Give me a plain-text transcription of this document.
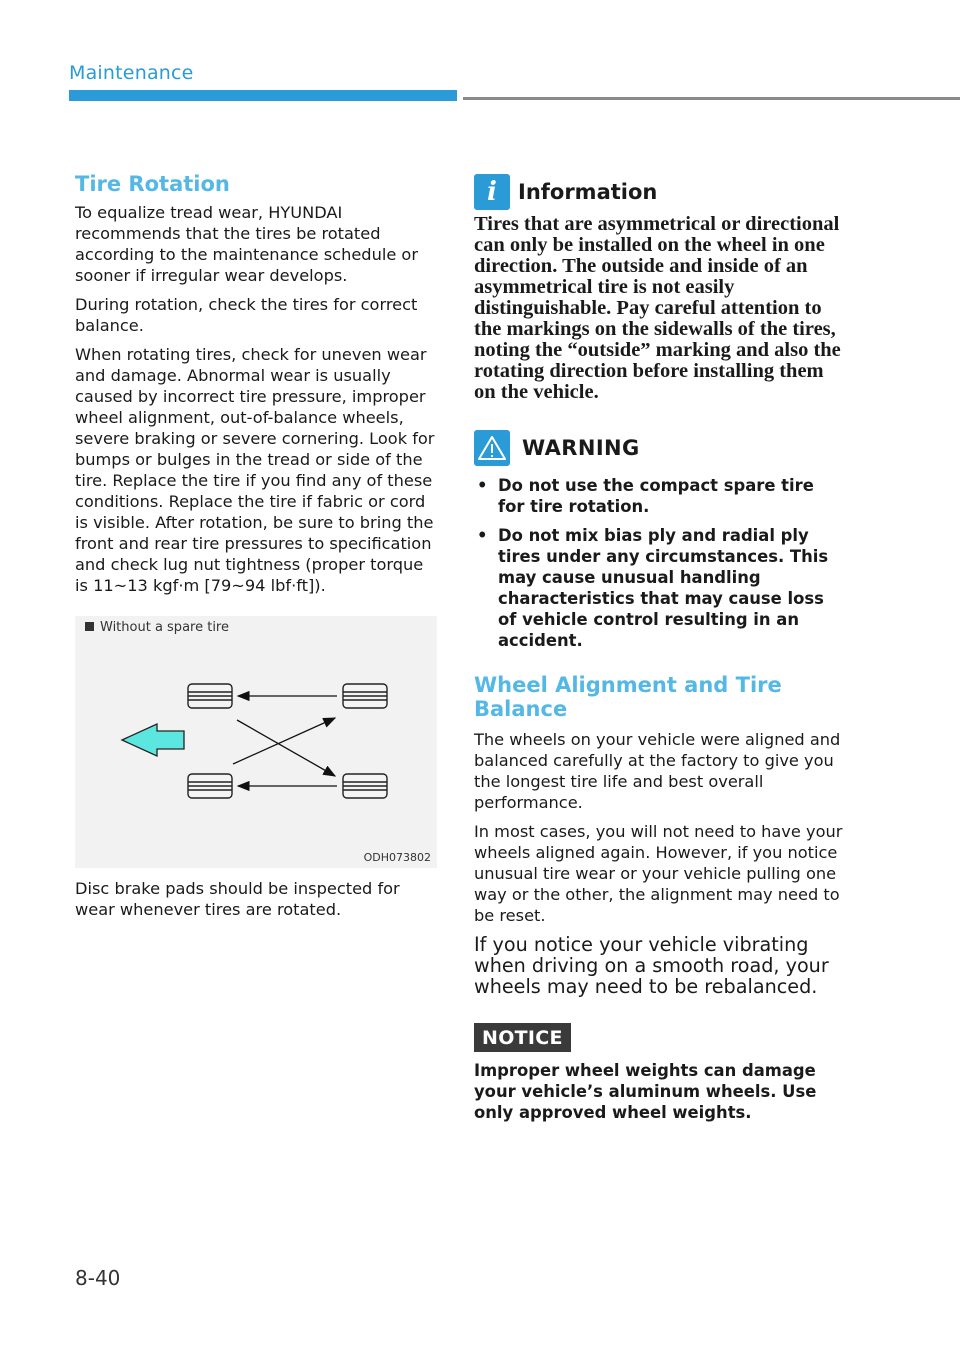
Maintenance
Tire Rotation

To equalize tread wear, HYUNDAI recommends that the tires be rotated according to the maintenance schedule or sooner if irregular wear develops.

During rotation, check the tires for correct balance.

When rotating tires, check for uneven wear and damage. Abnormal wear is usually caused by incorrect tire pressure, improper wheel alignment, out-of-balance wheels, severe braking or severe cornering. Look for bumps or bulges in the tread or side of the tire. Replace the tire if you find any of these conditions. Replace the tire if fabric or cord is visible. After rotation, be sure to bring the front and rear tire pressures to specification and check lug nut tightness (proper torque is 11~13 kgf·m [79~94 lbf·ft]).

Without a spare tire
ODH073802

Disc brake pads should be inspected for wear whenever tires are rotated.

i	Information

Tires that are asymmetrical or directional can only be installed on the wheel in one direction. The outside and inside of an asymmetrical tire is not easily distinguishable. Pay careful attention to the markings on the sidewalls of the tires, noting the “outside” marking and also the rotating direction before installing them on the vehicle.

WARNING
• Do not use the compact spare tire for tire rotation.
• Do not mix bias ply and radial ply tires under any circumstances. This may cause unusual handling characteristics that may cause loss of vehicle control resulting in an accident.
Wheel Alignment and Tire Balance

The wheels on your vehicle were aligned and balanced carefully at the factory to give you the longest tire life and best overall performance.

In most cases, you will not need to have your wheels aligned again. However, if you notice unusual tire wear or your vehicle pulling one way or the other, the alignment may need to be reset.

If you notice your vehicle vibrating when driving on a smooth road, your wheels may need to be rebalanced.

NOTICE

Improper wheel weights can damage your vehicle’s aluminum wheels. Use only approved wheel weights.

8-40
